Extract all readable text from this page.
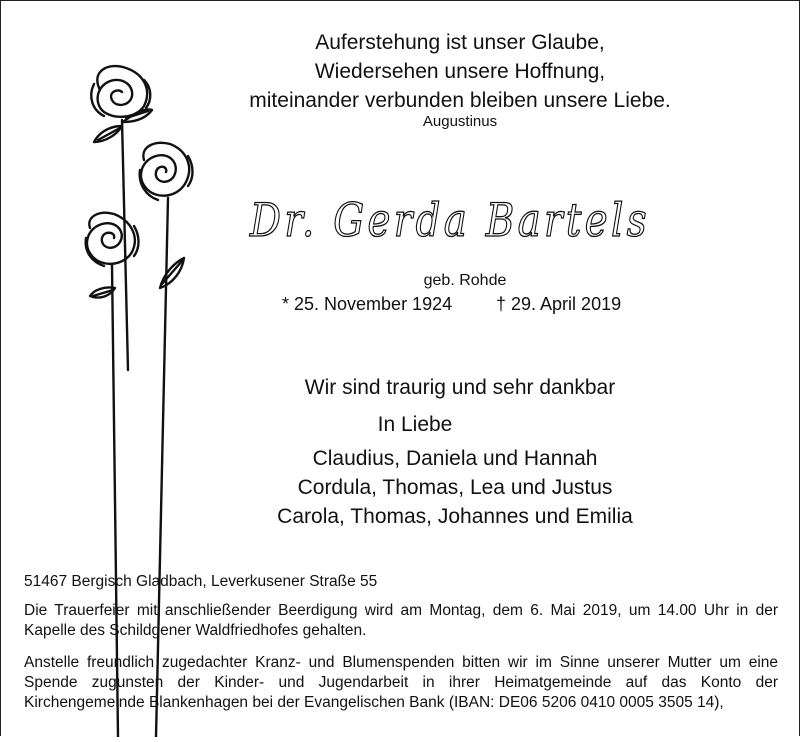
Auferstehung ist unser Glaube,
Wiedersehen unsere Hoffnung,
miteinander verbunden bleiben unsere Liebe.
Augustinus
Dr. Gerda Bartels
geb. Rohde
* 25. November 1924 † 29. April 2019
Wir sind traurig und sehr dankbar
In Liebe
Claudius, Daniela und Hannah
Cordula, Thomas, Lea und Justus
Carola, Thomas, Johannes und Emilia
51467 Bergisch Gladbach, Leverkusener Straße 55
Die Trauerfeier mit anschließender Beerdigung wird am Montag, dem 6. Mai 2019, um 14.00 Uhr in der Kapelle des Schildgener Waldfriedhofes gehalten.
Anstelle freundlich zugedachter Kranz- und Blumenspenden bitten wir im Sinne unserer Mutter um eine Spende zugunsten der Kinder- und Jugendarbeit in ihrer Heimatgemeinde auf das Konto der Kirchengemeinde Blankenhagen bei der Evangelischen Bank (IBAN: DE06 5206 0410 0005 3505 14),
